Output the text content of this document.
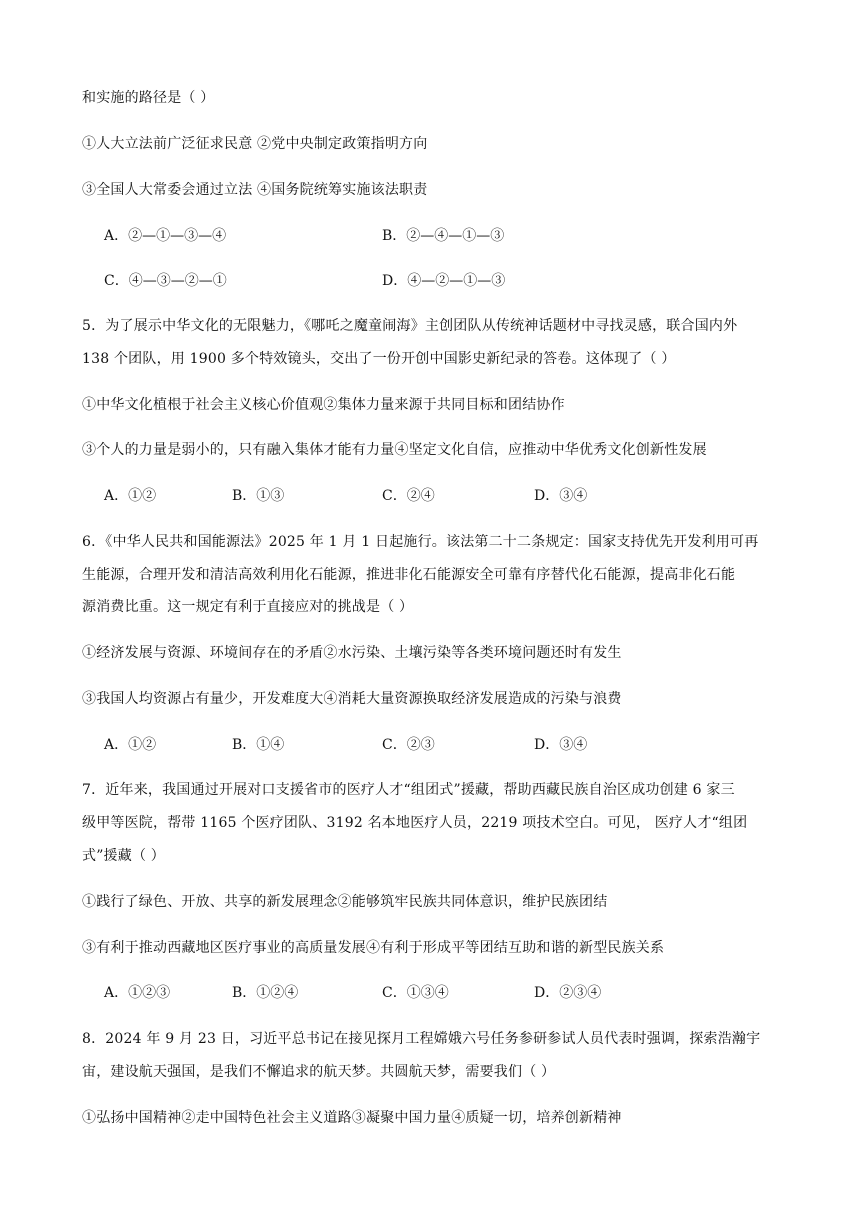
和实施的路径是（ ）
①人大立法前广泛征求民意 ②党中央制定政策指明方向
③全国人大常委会通过立法 ④国务院统筹实施该法职责
A．②—①—③—④	B．②—④—①—③
C．④—③—②—①	D．④—②—①—③
5．为了展示中华文化的无限魅力，《哪吒之魔童闹海》主创团队从传统神话题材中寻找灵感，联合国内外
138 个团队，用 1900 多个特效镜头，交出了一份开创中国影史新纪录的答卷。这体现了（ ）
①中华文化植根于社会主义核心价值观②集体力量来源于共同目标和团结协作
③个人的力量是弱小的，只有融入集体才能有力量④坚定文化自信，应推动中华优秀文化创新性发展
A．①②	B．①③	C．②④	D．③④
6．《中华人民共和国能源法》2025 年 1 月 1 日起施行。该法第二十二条规定：国家支持优先开发利用可再
生能源，合理开发和清洁高效利用化石能源，推进非化石能源安全可靠有序替代化石能源，提高非化石能
源消费比重。这一规定有利于直接应对的挑战是（ ）
①经济发展与资源、环境间存在的矛盾②水污染、土壤污染等各类环境问题还时有发生
③我国人均资源占有量少，开发难度大④消耗大量资源换取经济发展造成的污染与浪费
A．①②	B．①④	C．②③	D．③④
7．近年来，我国通过开展对口支援省市的医疗人才“组团式”援藏，帮助西藏民族自治区成功创建 6 家三
级甲等医院，帮带 1165 个医疗团队、3192 名本地医疗人员，2219 项技术空白。可见， 医疗人才“组团
式”援藏（ ）
①践行了绿色、开放、共享的新发展理念②能够筑牢民族共同体意识，维护民族团结
③有利于推动西藏地区医疗事业的高质量发展④有利于形成平等团结互助和谐的新型民族关系
A．①②③	B．①②④	C．①③④	D．②③④
8．2024 年 9 月 23 日，习近平总书记在接见探月工程嫦娥六号任务参研参试人员代表时强调，探索浩瀚宇
宙，建设航天强国，是我们不懈追求的航天梦。共圆航天梦，需要我们（ ）
①弘扬中国精神②走中国特色社会主义道路③凝聚中国力量④质疑一切，培养创新精神
